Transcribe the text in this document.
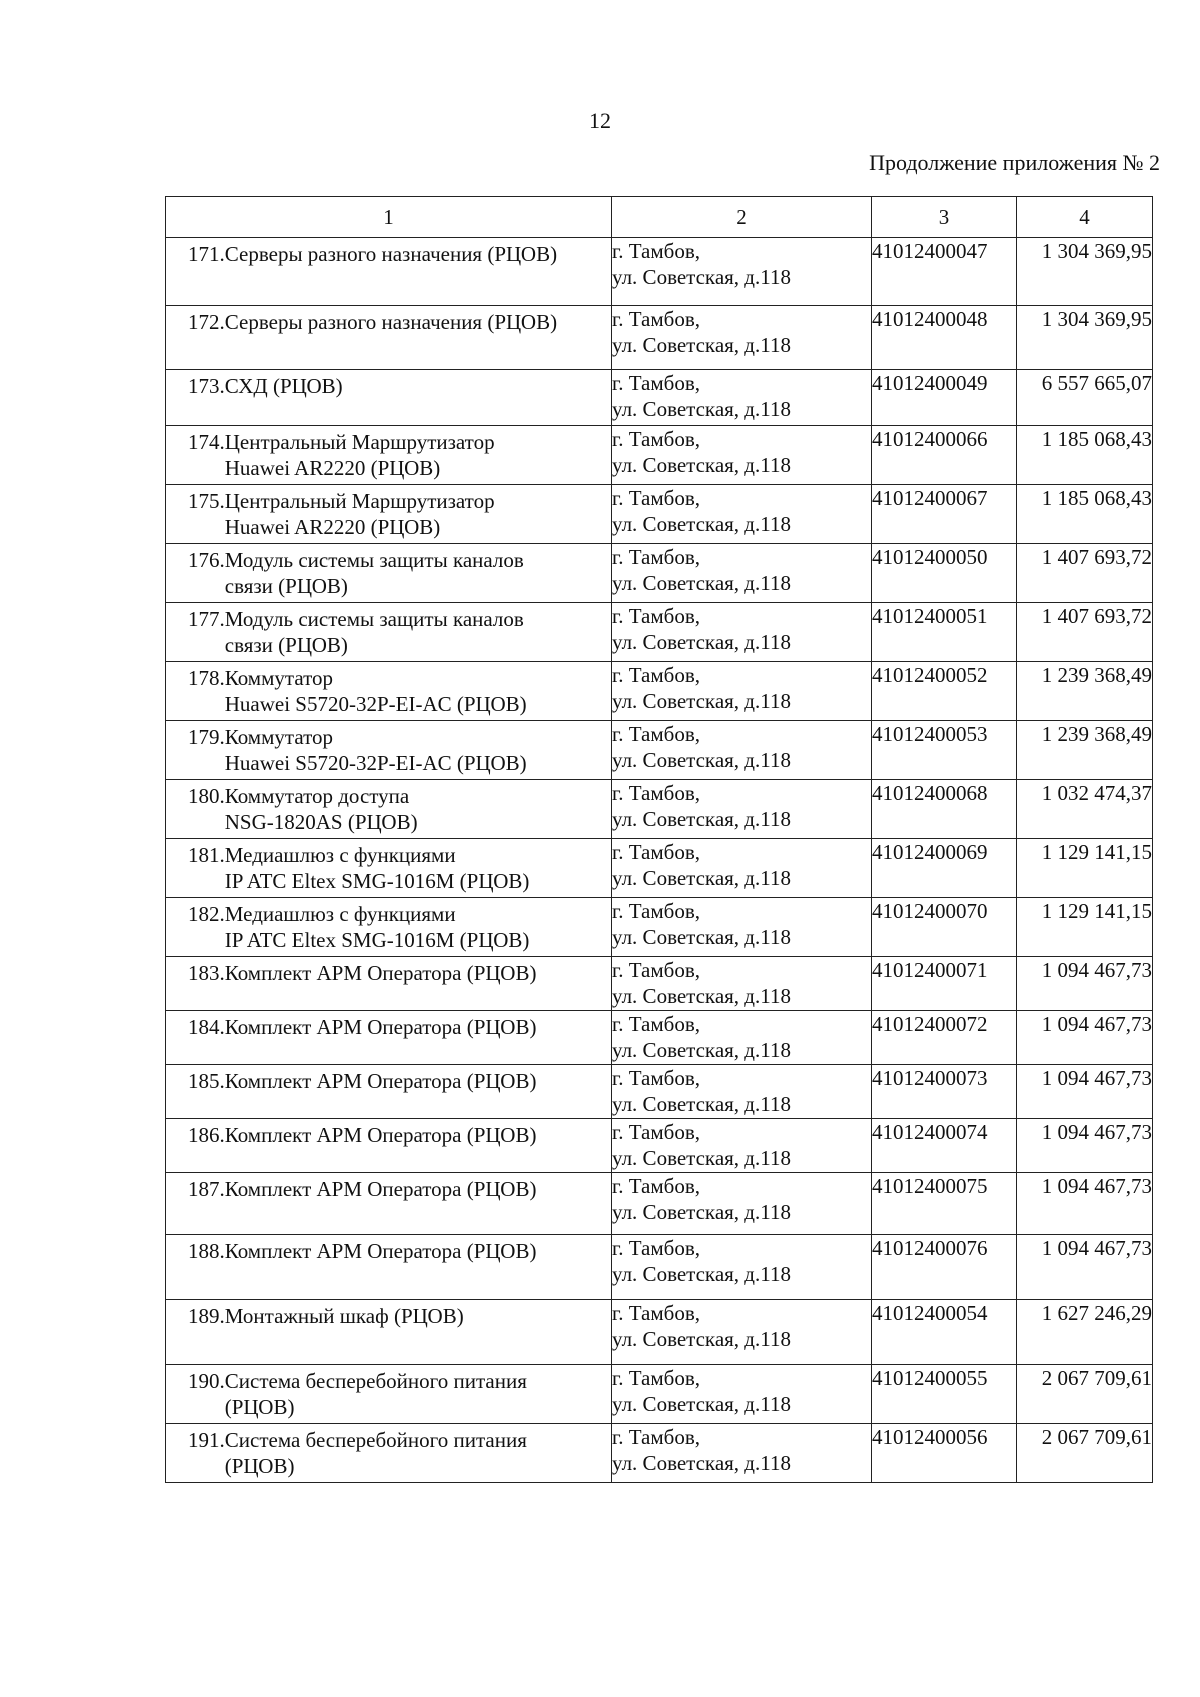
12
Продолжение приложения № 2
1	2	3	4

171. Серверы разного назначения (РЦОВ)	г. Тамбов,
ул. Советская, д.118	41012400047	1 304 369,95

172. Серверы разного назначения (РЦОВ)	г. Тамбов,
ул. Советская, д.118	41012400048	1 304 369,95

173. СХД (РЦОВ)	г. Тамбов,
ул. Советская, д.118	41012400049	6 557 665,07

174. Центральный Маршрутизатор
Huawei AR2220 (РЦОВ)	г. Тамбов,
ул. Советская, д.118	41012400066	1 185 068,43

175. Центральный Маршрутизатор
Huawei AR2220 (РЦОВ)	г. Тамбов,
ул. Советская, д.118	41012400067	1 185 068,43

176. Модуль системы защиты каналов
связи (РЦОВ)	г. Тамбов,
ул. Советская, д.118	41012400050	1 407 693,72

177. Модуль системы защиты каналов
связи (РЦОВ)	г. Тамбов,
ул. Советская, д.118	41012400051	1 407 693,72

178. Коммутатор
Huawei S5720-32P-EI-AC (РЦОВ)	г. Тамбов,
ул. Советская, д.118	41012400052	1 239 368,49

179. Коммутатор
Huawei S5720-32P-EI-AC (РЦОВ)	г. Тамбов,
ул. Советская, д.118	41012400053	1 239 368,49

180. Коммутатор доступа
NSG-1820AS (РЦОВ)	г. Тамбов,
ул. Советская, д.118	41012400068	1 032 474,37

181. Медиашлюз с функциями
IP ATC Eltex SMG-1016M (РЦОВ)	г. Тамбов,
ул. Советская, д.118	41012400069	1 129 141,15

182. Медиашлюз с функциями
IP ATC Eltex SMG-1016M (РЦОВ)	г. Тамбов,
ул. Советская, д.118	41012400070	1 129 141,15

183. Комплект АРМ Оператора (РЦОВ)	г. Тамбов,
ул. Советская, д.118	41012400071	1 094 467,73

184. Комплект АРМ Оператора (РЦОВ)	г. Тамбов,
ул. Советская, д.118	41012400072	1 094 467,73

185. Комплект АРМ Оператора (РЦОВ)	г. Тамбов,
ул. Советская, д.118	41012400073	1 094 467,73

186. Комплект АРМ Оператора (РЦОВ)	г. Тамбов,
ул. Советская, д.118	41012400074	1 094 467,73

187. Комплект АРМ Оператора (РЦОВ)	г. Тамбов,
ул. Советская, д.118	41012400075	1 094 467,73

188. Комплект АРМ Оператора (РЦОВ)	г. Тамбов,
ул. Советская, д.118	41012400076	1 094 467,73

189. Монтажный шкаф (РЦОВ)	г. Тамбов,
ул. Советская, д.118	41012400054	1 627 246,29

190. Система бесперебойного питания
(РЦОВ)	г. Тамбов,
ул. Советская, д.118	41012400055	2 067 709,61

191. Система бесперебойного питания
(РЦОВ)	г. Тамбов,
ул. Советская, д.118	41012400056	2 067 709,61
